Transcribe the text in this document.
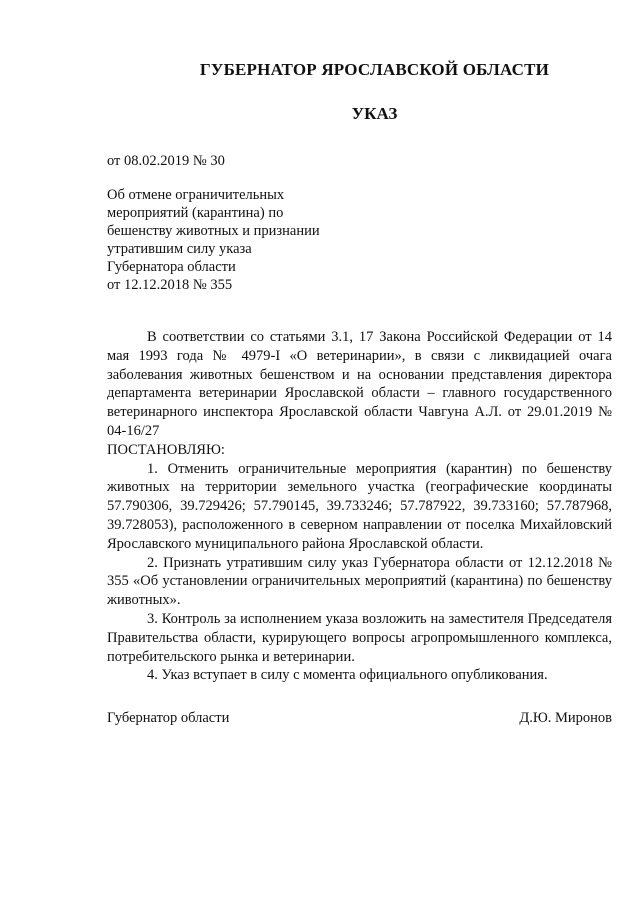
ГУБЕРНАТОР ЯРОСЛАВСКОЙ ОБЛАСТИ
УКАЗ
от 08.02.2019 № 30
Об отмене ограничительных
мероприятий (карантина) по
бешенству животных и признании
утратившим силу указа
Губернатора области
от 12.12.2018 № 355

В соответствии со статьями 3.1, 17 Закона Российской Федерации от 14 мая 1993 года № 4979-I «О ветеринарии», в связи с ликвидацией очага заболевания животных бешенством и на основании представления директора департамента ветеринарии Ярославской области – главного государственного ветеринарного инспектора Ярославской области Чавгуна А.Л. от 29.01.2019 № 04-16/27

ПОСТАНОВЛЯЮ:

1. Отменить ограничительные мероприятия (карантин) по бешенству животных на территории земельного участка (географические координаты 57.790306, 39.729426; 57.790145, 39.733246; 57.787922, 39.733160; 57.787968, 39.728053), расположенного в северном направлении от поселка Михайловский Ярославского муниципального района Ярославской области.

2. Признать утратившим силу указ Губернатора области от 12.12.2018 № 355 «Об установлении ограничительных мероприятий (карантина) по бешенству животных».

3. Контроль за исполнением указа возложить на заместителя Председателя Правительства области, курирующего вопросы агропромышленного комплекса, потребительского рынка и ветеринарии.

4. Указ вступает в силу с момента официального опубликования.

Губернатор области	Д.Ю. Миронов
